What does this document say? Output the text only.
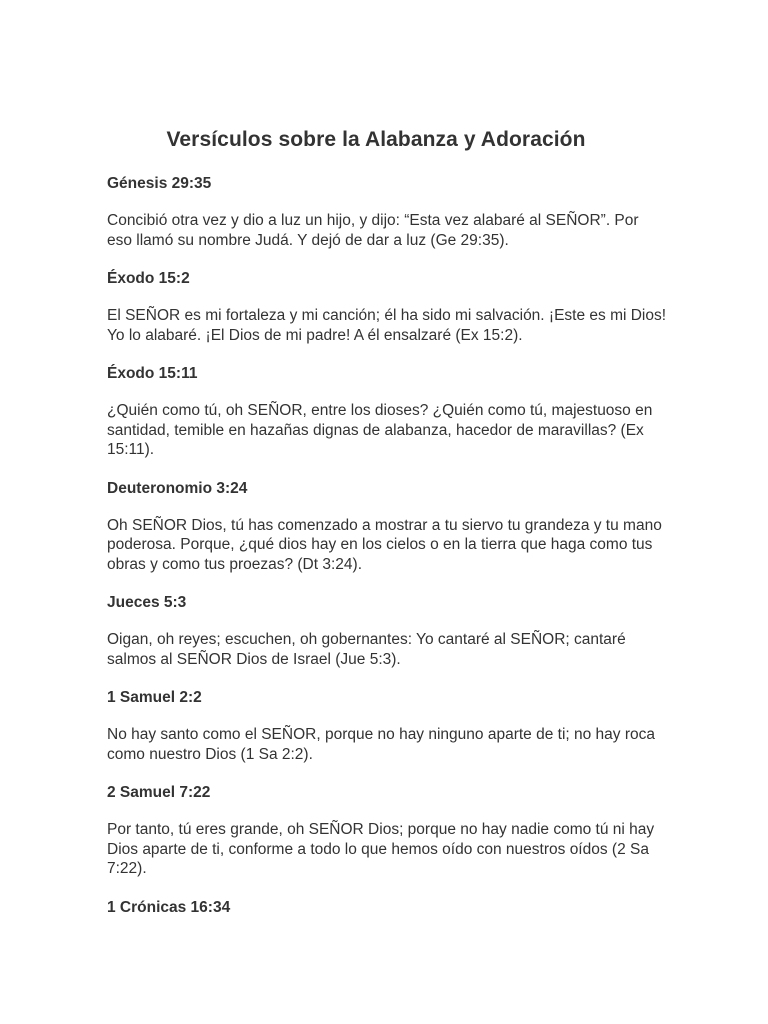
Versículos sobre la Alabanza y Adoración

Génesis 29:35

Concibió otra vez y dio a luz un hijo, y dijo: “Esta vez alabaré al SEÑOR”. Por eso llamó su nombre Judá. Y dejó de dar a luz (Ge 29:35).

Éxodo 15:2

El SEÑOR es mi fortaleza y mi canción; él ha sido mi salvación. ¡Este es mi Dios! Yo lo alabaré. ¡El Dios de mi padre! A él ensalzaré (Ex 15:2).

Éxodo 15:11

¿Quién como tú, oh SEÑOR, entre los dioses? ¿Quién como tú, majestuoso en santidad, temible en hazañas dignas de alabanza, hacedor de maravillas? (Ex 15:11).

Deuteronomio 3:24

Oh SEÑOR Dios, tú has comenzado a mostrar a tu siervo tu grandeza y tu mano poderosa. Porque, ¿qué dios hay en los cielos o en la tierra que haga como tus obras y como tus proezas? (Dt 3:24).

Jueces 5:3

Oigan, oh reyes; escuchen, oh gobernantes: Yo cantaré al SEÑOR; cantaré salmos al SEÑOR Dios de Israel (Jue 5:3).

1 Samuel 2:2

No hay santo como el SEÑOR, porque no hay ninguno aparte de ti; no hay roca como nuestro Dios (1 Sa 2:2).

2 Samuel 7:22

Por tanto, tú eres grande, oh SEÑOR Dios; porque no hay nadie como tú ni hay Dios aparte de ti, conforme a todo lo que hemos oído con nuestros oídos (2 Sa 7:22).

1 Crónicas 16:34
